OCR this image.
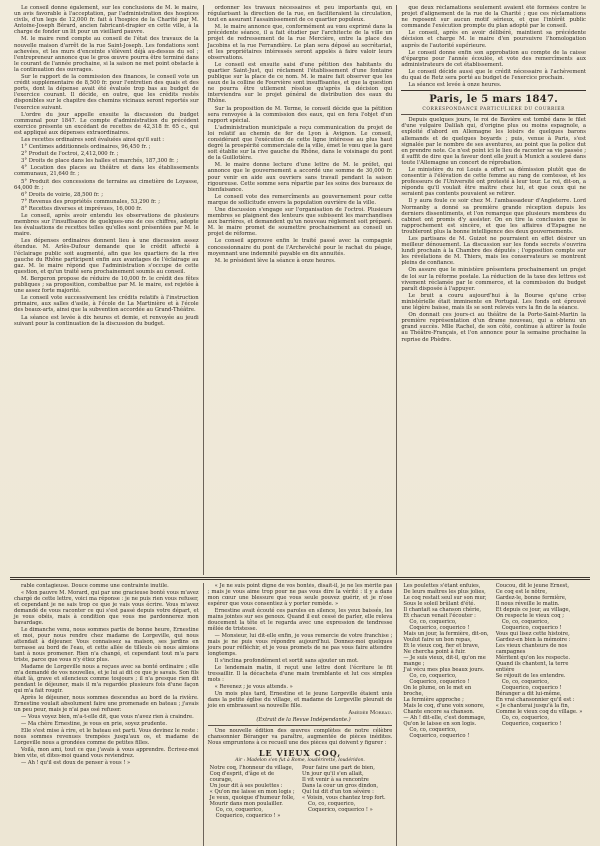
Le conseil donne également, sur les conclusions de M. le maire, un avis favorable à l'acceptation, par l'administration des hospices civils, d'un legs de 12,000 fr. fait à l'hospice de la Charité par M. Antoine-Joseph Bérard, ancien fabricant-drapier en cette ville, à la charge de fonder un lit pour un vieillard pauvre.

M. le maire rend compte au conseil de l'état des travaux de la nouvelle maison d'arrêt de la rue Saint-Joseph. Les fondations sont achevées, et les murs d'enceinte s'élèvent déjà au-dessus du sol ; l'entrepreneur annonce que le gros œuvre pourra être terminé dans le courant de l'année prochaine, si la saison ne met point obstacle à la continuation des ouvrages.

Sur le rapport de la commission des finances, le conseil vote un crédit supplémentaire de 8,500 fr. pour l'entretien des quais et des ports, dont la dépense avait été évaluée trop bas au budget de l'exercice courant. Il décide, en outre, que les crédits restés disponibles sur le chapitre des chemins vicinaux seront reportés sur l'exercice suivant.

L'ordre du jour appelle ensuite la discussion du budget communal pour 1847. Le compte d'administration du précédent exercice présente un excédant de recettes de 42,318 fr. 65 c., qui est appliqué aux dépenses extraordinaires.

Les recettes ordinaires sont évaluées ainsi qu'il suit :

1° Centimes additionnels ordinaires, 96,450 fr. ;

2° Produit de l'octroi, 2,412,000 fr. ;

3° Droits de place dans les halles et marchés, 187,300 fr. ;

4° Location des places au théâtre et dans les établissements communaux, 21,640 fr. ;

5° Produit des concessions de terrains au cimetière de Loyasse, 64,000 fr. ;

6° Droits de voirie, 28,500 fr. ;

7° Revenus des propriétés communales, 53,290 fr. ;

8° Recettes diverses et imprévues, 16,000 fr.

Le conseil, après avoir entendu les observations de plusieurs membres sur l'insuffisance de quelques-uns de ces chiffres, adopte les évaluations de recettes telles qu'elles sont présentées par M. le maire.

Les dépenses ordinaires donnent lieu à une discussion assez étendue. M. Arlès-Dufour demande que le crédit affecté à l'éclairage public soit augmenté, afin que les quartiers de la rive gauche du Rhône participent enfin aux avantages de l'éclairage au gaz. M. le maire répond que l'administration s'occupe de cette question, et qu'un traité sera prochainement soumis au conseil.

M. Bergeron propose de réduire de 10,000 fr. le crédit des fêtes publiques ; sa proposition, combattue par M. le maire, est rejetée à une assez forte majorité.

Le conseil vote successivement les crédits relatifs à l'instruction primaire, aux salles d'asile, à l'école de La Martinière et à l'école des beaux-arts, ainsi que la subvention accordée au Grand-Théâtre.

La séance est levée à dix heures et demie, et renvoyée au jeudi suivant pour la continuation de la discussion du budget.

ordonner les travaux nécessaires et peu importants qui, en régularisant la direction de la rue, en faciliteraient la circulation, tout en assurant l'assainissement de ce quartier populeux.

M. le maire annonce que, conformément au vœu exprimé dans la précédente séance, il a fait étudier par l'architecte de la ville un projet de redressement de la rue Mercière, entre la place des Jacobins et la rue Ferrandière. Le plan sera déposé au secrétariat, et les propriétaires intéressés seront appelés à faire valoir leurs observations.

Le conseil est ensuite saisi d'une pétition des habitants du quartier Saint-Just, qui réclament l'établissement d'une fontaine publique sur la place de ce nom. M. le maire fait observer que les eaux de la colline de Fourvière sont insuffisantes, et que la question ne pourra être utilement résolue qu'après la décision qui interviendra sur le projet général de distribution des eaux du Rhône.

Sur la proposition de M. Terme, le conseil décide que la pétition sera renvoyée à la commission des eaux, qui en fera l'objet d'un rapport spécial.

L'administration municipale a reçu communication du projet de loi relatif au chemin de fer de Lyon à Avignon. Le conseil, considérant que l'exécution de cette ligne intéresse au plus haut degré la prospérité commerciale de la ville, émet le vœu que la gare soit établie sur la rive gauche du Rhône, dans le voisinage du pont de la Guillotière.

M. le maire donne lecture d'une lettre de M. le préfet, qui annonce que le gouvernement a accordé une somme de 30,000 fr. pour venir en aide aux ouvriers sans travail pendant la saison rigoureuse. Cette somme sera répartie par les soins des bureaux de bienfaisance.

Le conseil vote des remercîments au gouvernement pour cette marque de sollicitude envers la population ouvrière de la ville.

Une discussion s'engage sur l'organisation de l'octroi. Plusieurs membres se plaignent des lenteurs que subissent les marchandises aux barrières, et demandent qu'un nouveau règlement soit préparé. M. le maire promet de soumettre prochainement au conseil un projet de réforme.

Le conseil approuve enfin le traité passé avec la compagnie concessionnaire du pont de l'Archevêché pour le rachat du péage, moyennant une indemnité payable en dix annuités.

M. le président lève la séance à onze heures.

que deux réclamations seulement avaient été formées contre le projet d'alignement de la rue de la Charité ; que ces réclamations ne reposent sur aucun motif sérieux, et que l'intérêt public commande l'exécution prompte du plan adopté par le conseil.

Le conseil, après en avoir délibéré, maintient sa précédente décision et charge M. le maire d'en poursuivre l'homologation auprès de l'autorité supérieure.

Le conseil donne enfin son approbation au compte de la caisse d'épargne pour l'année écoulée, et vote des remercîments aux administrateurs de cet établissement.

Le conseil décide aussi que le crédit nécessaire à l'achèvement du quai de Retz sera porté au budget de l'exercice prochain.

La séance est levée à onze heures.

Paris, le 5 mars 1847.
CORRESPONDANCE PARTICULIÈRE DU COURRIER

Depuis quelques jours, le roi de Bavière est tombé dans le filet d'une vulgaire Dalilah qui, d'origine plus ou moins espagnole, a exploité d'abord en Allemagne les loisirs de quelques barons allemands et de quelques boyards ; puis, venue à Paris, s'est signalée par le nombre de ses aventures, au point que la police dut en prendre note. Ce n'est point ici le lieu de raconter sa vie passée ; il suffit de dire que la faveur dont elle jouit à Munich a soulevé dans toute l'Allemagne un concert de réprobation.

Le ministère du roi Louis a offert sa démission plutôt que de consentir à l'élévation de cette femme au rang de comtesse, et les professeurs de l'Université ont protesté à leur tour. Le roi, dit-on, a répondu qu'il voulait être maître chez lui, et que ceux qui ne seraient pas contents pouvaient se retirer.

Il y aura foule ce soir chez M. l'ambassadeur d'Angleterre. Lord Normanby a donné sa première grande réception depuis les derniers dissentiments, et l'on remarque que plusieurs membres du cabinet ont promis d'y assister. On en tire la conclusion que le rapprochement est sincère, et que les affaires d'Espagne ne troubleront plus la bonne intelligence des deux gouvernements.

Les partisans de M. Guizot ne pourraient en effet désirer un meilleur dénouement. La discussion sur les fonds secrets s'ouvrira lundi prochain à la Chambre des députés ; l'opposition compte sur les révélations de M. Thiers, mais les conservateurs se montrent pleins de confiance.

On assure que le ministère présentera prochainement un projet de loi sur la réforme postale. La réduction de la taxe des lettres est vivement réclamée par le commerce, et la commission du budget paraît disposée à l'appuyer.

Le bruit a couru aujourd'hui à la Bourse qu'une crise ministérielle était imminente en Portugal. Les fonds ont éprouvé une légère baisse, mais ils se sont relevés vers la fin de la séance.

On donnait ces jours-ci au théâtre de la Porte-Saint-Martin la première représentation d'un drame nouveau, qui a obtenu un grand succès. Mlle Rachel, de son côté, continue à attirer la foule au Théâtre-Français, et l'on annonce pour la semaine prochaine la reprise de Phèdre.

rable contagieuse. Douce comme une contrainte inutile.

« Mon pauvre M. Morard, qui par une gracieuse bonté vous m'avez chargé de cette lettre, voici ma réponse : je ne puis rien vous refuser, et cependant je ne sais trop ce que je vais vous écrire. Vous m'avez demandé de vous raconter ce qui s'est passé depuis votre départ, et je vous obéis, mais à condition que vous me pardonnerez mon bavardage.

Le dimanche venu, nous sommes partis de bonne heure, Ernestine et moi, pour nous rendre chez madame de Lorgeville, qui nous attendait à déjeuner. Vous connaissez sa maison, ses jardins en terrasse au bord de l'eau, et cette allée de tilleuls où nous aimions tant à nous promener. Rien n'a changé, et cependant tout m'a paru triste, parce que vous n'y étiez plus.

Madame de Lorgeville nous a reçues avec sa bonté ordinaire ; elle m'a demandé de vos nouvelles, et je lui ai dit ce que je savais. Son fils était là, grave et silencieux comme toujours ; il n'a presque rien dit pendant le déjeuner, mais il m'a regardée plusieurs fois d'une façon qui m'a fait rougir.

Après le déjeuner, nous sommes descendus au bord de la rivière. Ernestine voulait absolument faire une promenade en bateau ; j'avais un peu peur, mais je n'ai pas osé refuser.

— Vous voyez bien, m'a-t-elle dit, que vous n'avez rien à craindre.

— Ma chère Ernestine, je vous en prie, soyez prudente.

Elle s'est mise à rire, et le bateau est parti. Vous devinez le reste : nous sommes revenues trempées jusqu'aux os, et madame de Lorgeville nous a grondées comme de petites filles.

Voilà, mon ami, tout ce que j'avais à vous apprendre. Écrivez-moi bien vite, et dites-moi quand vous reviendrez.

— Ah ! qu'il est doux de penser à vous ! »

« Je ne suis point digne de vos bontés, disait-il, je ne les mérite pas ; mais je vous aime trop pour ne pas vous dire la vérité : il y a dans mon cœur une blessure que vous seule pouvez guérir, et je n'ose espérer que vous consentiez à y porter remède. »

Ernestine avait écouté ces paroles en silence, les yeux baissés, les mains jointes sur ses genoux. Quand il eut cessé de parler, elle releva doucement la tête et le regarda avec une expression de tendresse mêlée de tristesse.

— Monsieur, lui dit-elle enfin, je vous remercie de votre franchise ; mais je ne puis vous répondre aujourd'hui. Donnez-moi quelques jours pour réfléchir, et je vous promets de ne pas vous faire attendre longtemps.

Il s'inclina profondément et sortit sans ajouter un mot.

Le lendemain matin, il reçut une lettre dont l'écriture le fit tressaillir. Il la décacheta d'une main tremblante et lut ces simples mots :

« Revenez ; je vous attends. »

Un mois plus tard, Ernestine et le jeune Lorgeville étaient unis dans la petite église du village, et madame de Lorgeville pleurait de joie en embrassant sa nouvelle fille.

Amédée Moreau.

(Extrait de la Revue Indépendante.)

Une nouvelle édition des œuvres complètes de notre célèbre chansonnier Béranger va paraître, augmentée de pièces inédites. Nous empruntons à ce recueil une des pièces qui doivent y figurer :

LE VIEUX COQ,
Air : Madelon s'en fut à Rome, loudérirette, loudéridon.
Notre coq, l'honneur du village,
Coq d'esprit, d'âge et de courage,
Un jour dit à ses poulettes :
« Qu'on me laisse en mon logis ;
Je veux, quoique d'humeur folle,
Mourir dans mon poulailler.
Co, co, coquerico,
Coquerico, coquerico ! »
Pour faire une part de bien,
Un jour qu'il s'en allait,
Il vit venir à sa rencontre
Dans la cour un gros dindon,
Qui lui dit d'un ton sévère :
« Voisin, vous chantez trop fort.
Co, co, coquerico,
Coquerico, coquerico ! »
Les poulettes s'étant enfuies,
De leurs maîtres les plus jolies,
Le coq restait seul sur son mur,
Sous le soleil brûlant d'été.
Il chantait sa chanson chérie,
Et chacun venait l'écouter :
Co, co, coquerico,
Coquerico, coquerico !
Mais un jour, la fermière, dit-on,
Voulut faire un bon repas,
Et le vieux coq, fier et brave,
Ne chercha point à fuir.
— Je suis vieux, dit-il, qu'on me mange ;
J'ai vécu mes plus beaux jours.
Co, co, coquerico,
Coquerico, coquerico !
On le plume, on le met en broche,
La fermière approche ;
Mais le coq, d'une voix sonore,
Chante encore sa chanson.
— Ah ! dit-elle, c'est dommage,
Qu'on le laisse en son logis.
Co, co, coquerico,
Coquerico, coquerico !
Coucou, dit le jeune Ernest,
Ce coq est le nôtre,
Gardez-le, bonne fermière,
Il nous réveille le matin.
Et depuis ce jour, au village,
On respecte le vieux coq ;
Co, co, coquerico,
Coquerico, coquerico !
Vous qui lisez cette histoire,
Gardez-en bien la mémoire :
Les vieux chanteurs de nos campagnes
Méritent qu'on les respecte.
Quand ils chantent, la terre entière
Se réjouit de les entendre.
Co, co, coquerico,
Coquerico, coquerico !
Béranger a dit lui-même,
En vrai chansonnier qu'il est :
« Je chanterai jusqu'à la fin,
Comme le vieux coq du village. »
Co, co, coquerico,
Coquerico, coquerico !
